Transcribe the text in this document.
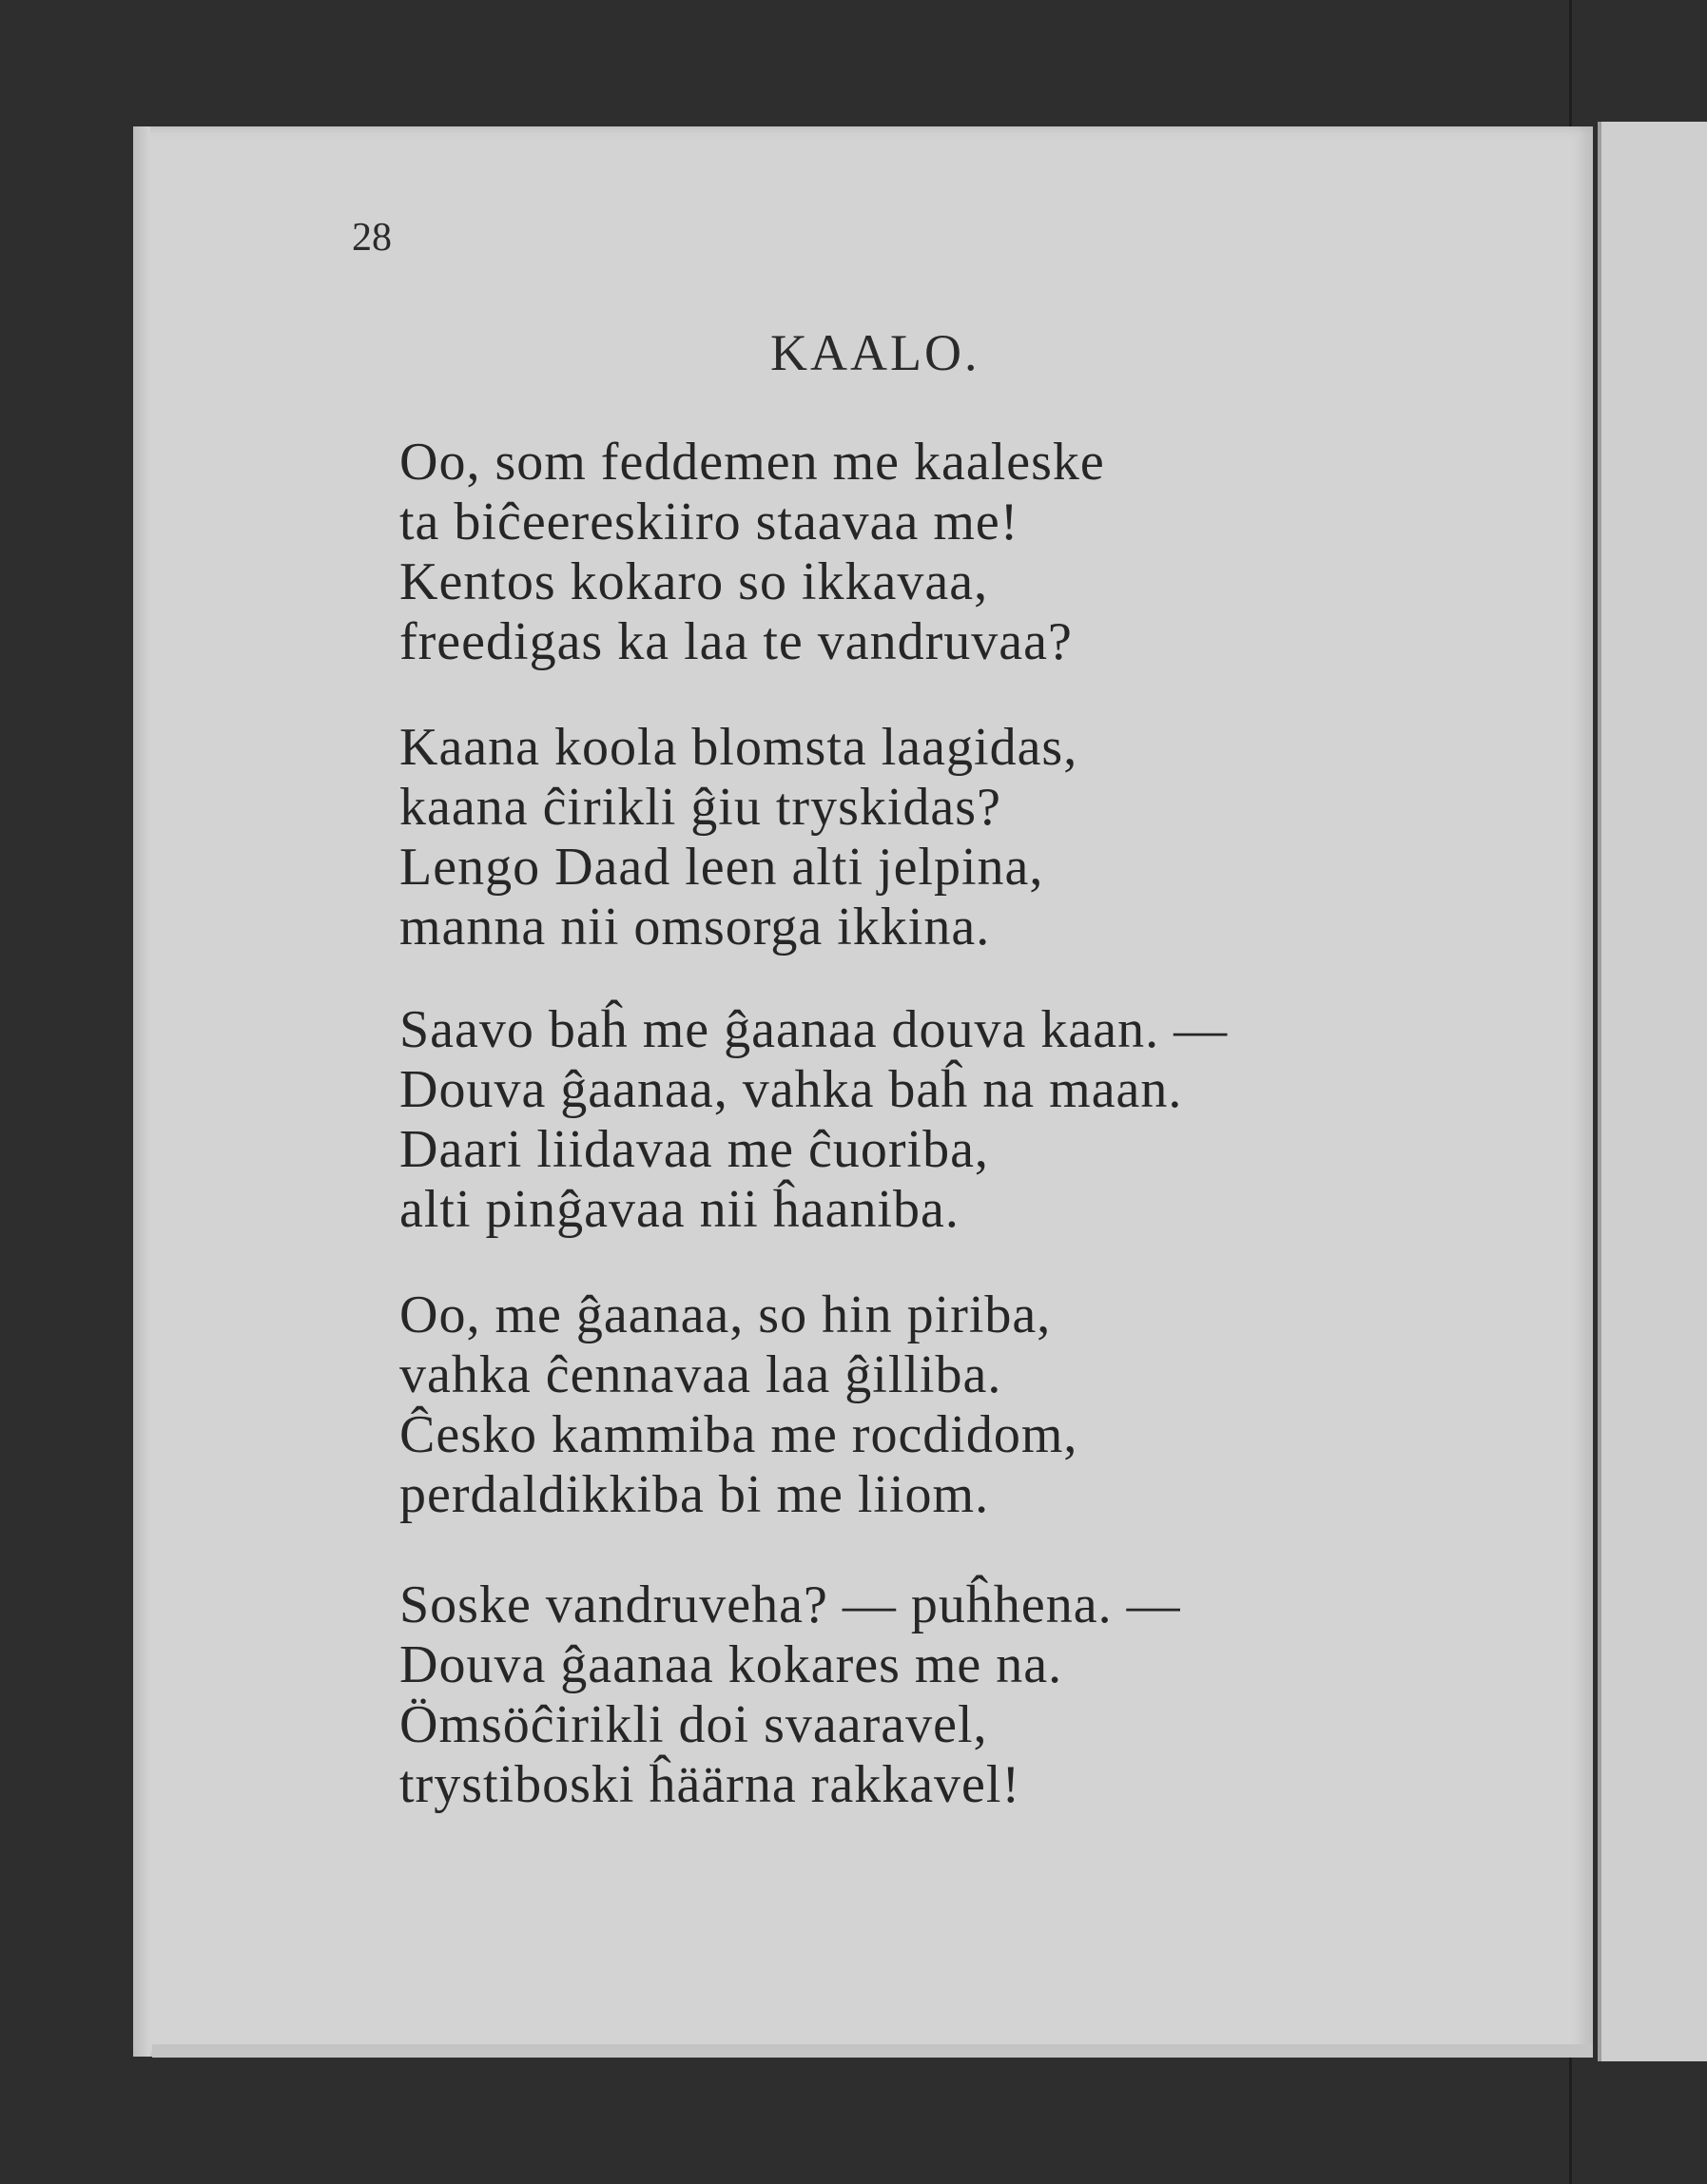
28
KAALO.
Oo, som feddemen me kaaleske
ta biĉeereskiiro staavaa me!
Kentos kokaro so ikkavaa,
freedigas ka laa te vandruvaa?
Kaana koola blomsta laagidas,
kaana ĉirikli ĝiu tryskidas?
Lengo Daad leen alti jelpina,
manna nii omsorga ikkina.
Saavo baĥ me ĝaanaa douva kaan. —
Douva ĝaanaa, vahka baĥ na maan.
Daari liidavaa me ĉuoriba,
alti pinĝavaa nii ĥaaniba.
Oo, me ĝaanaa, so hin piriba,
vahka ĉennavaa laa ĝilliba.
Ĉesko kammiba me rocdidom,
perdaldikkiba bi me liiom.
Soske vandruveha? — puĥhena. —
Douva ĝaanaa kokares me na.
Ömsöĉirikli doi svaaravel,
trystiboski ĥäärna rakkavel!
